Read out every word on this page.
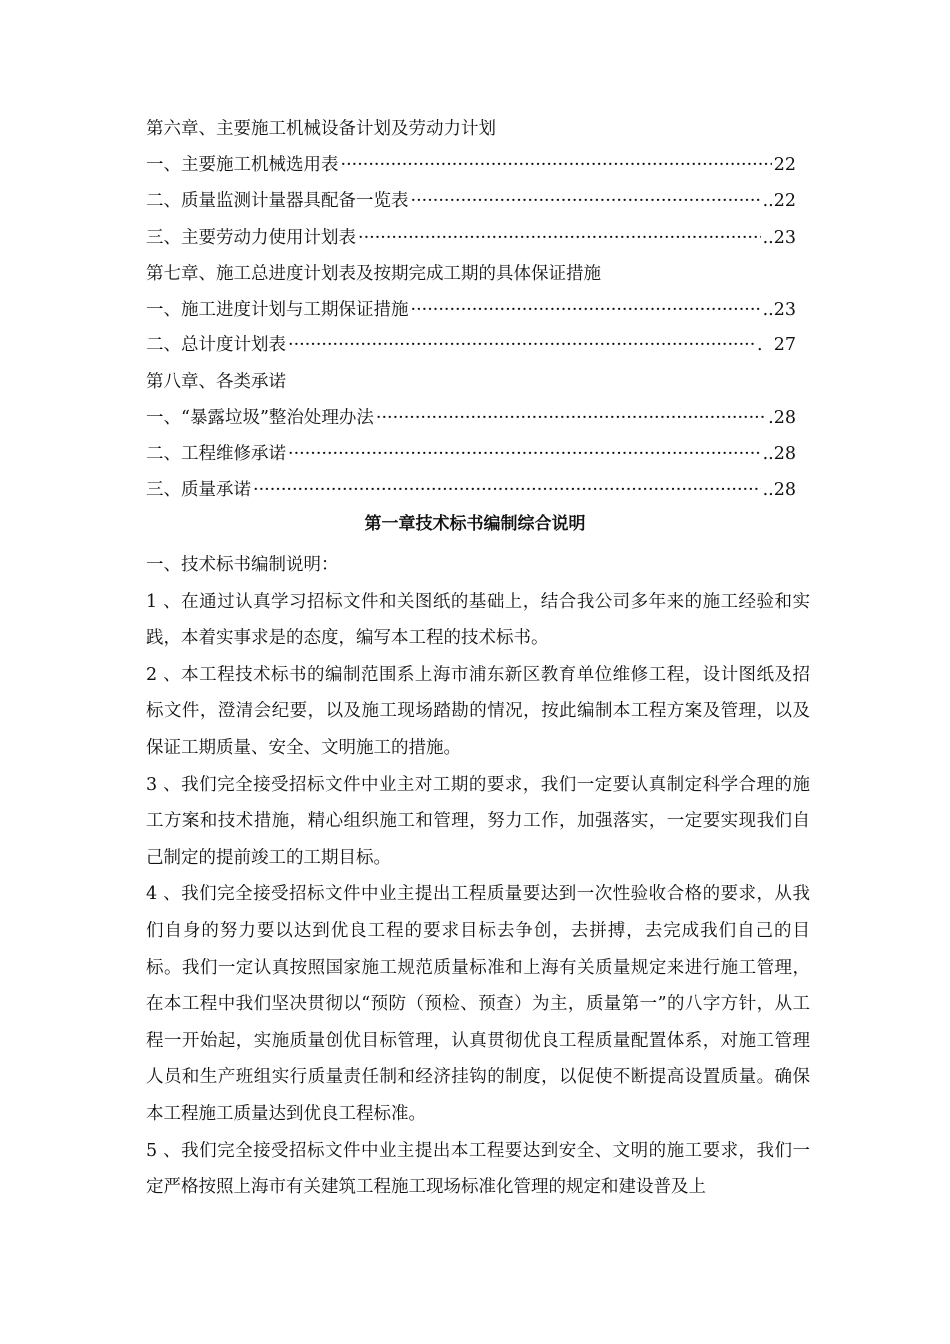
第六章、主要施工机械设备计划及劳动力计划
一、主要施工机械选用表 ·····	22
二、质量监测计量器具配备一览表 ·····	..22
三、主要劳动力使用计划表 ·····	..23
第七章、施工总进度计划表及按期完成工期的具体保证措施
一、施工进度计划与工期保证措施 ·····	..23
二、总计度计划表 ·····	.  27
第八章、各类承诺
一、“暴露垃圾”整治处理办法 ·····	.28
二、工程维修承诺 ·····	..28
三、质量承诺 ·····	..28
第一章技术标书编制综合说明

一、技术标书编制说明：

1 、在通过认真学习招标文件和关图纸的基础上，结合我公司多年来的施工经验和实践，本着实事求是的态度，编写本工程的技术标书。

2 、本工程技术标书的编制范围系上海市浦东新区教育单位维修工程，设计图纸及招标文件，澄清会纪要，以及施工现场踏勘的情况，按此编制本工程方案及管理，以及保证工期质量、安全、文明施工的措施。

3 、我们完全接受招标文件中业主对工期的要求，我们一定要认真制定科学合理的施工方案和技术措施，精心组织施工和管理，努力工作，加强落实，一定要实现我们自己制定的提前竣工的工期目标。

4 、我们完全接受招标文件中业主提出工程质量要达到一次性验收合格的要求，从我们自身的努力要以达到优良工程的要求目标去争创，去拼搏，去完成我们自己的目标。我们一定认真按照国家施工规范质量标准和上海有关质量规定来进行施工管理，在本工程中我们坚决贯彻以“预防（预检、预查）为主，质量第一”的八字方针，从工程一开始起，实施质量创优目标管理，认真贯彻优良工程质量配置体系，对施工管理人员和生产班组实行质量责任制和经济挂钩的制度，以促使不断提高设置质量。确保本工程施工质量达到优良工程标准。

5 、我们完全接受招标文件中业主提出本工程要达到安全、文明的施工要求，我们一定严格按照上海市有关建筑工程施工现场标准化管理的规定和建设普及上
